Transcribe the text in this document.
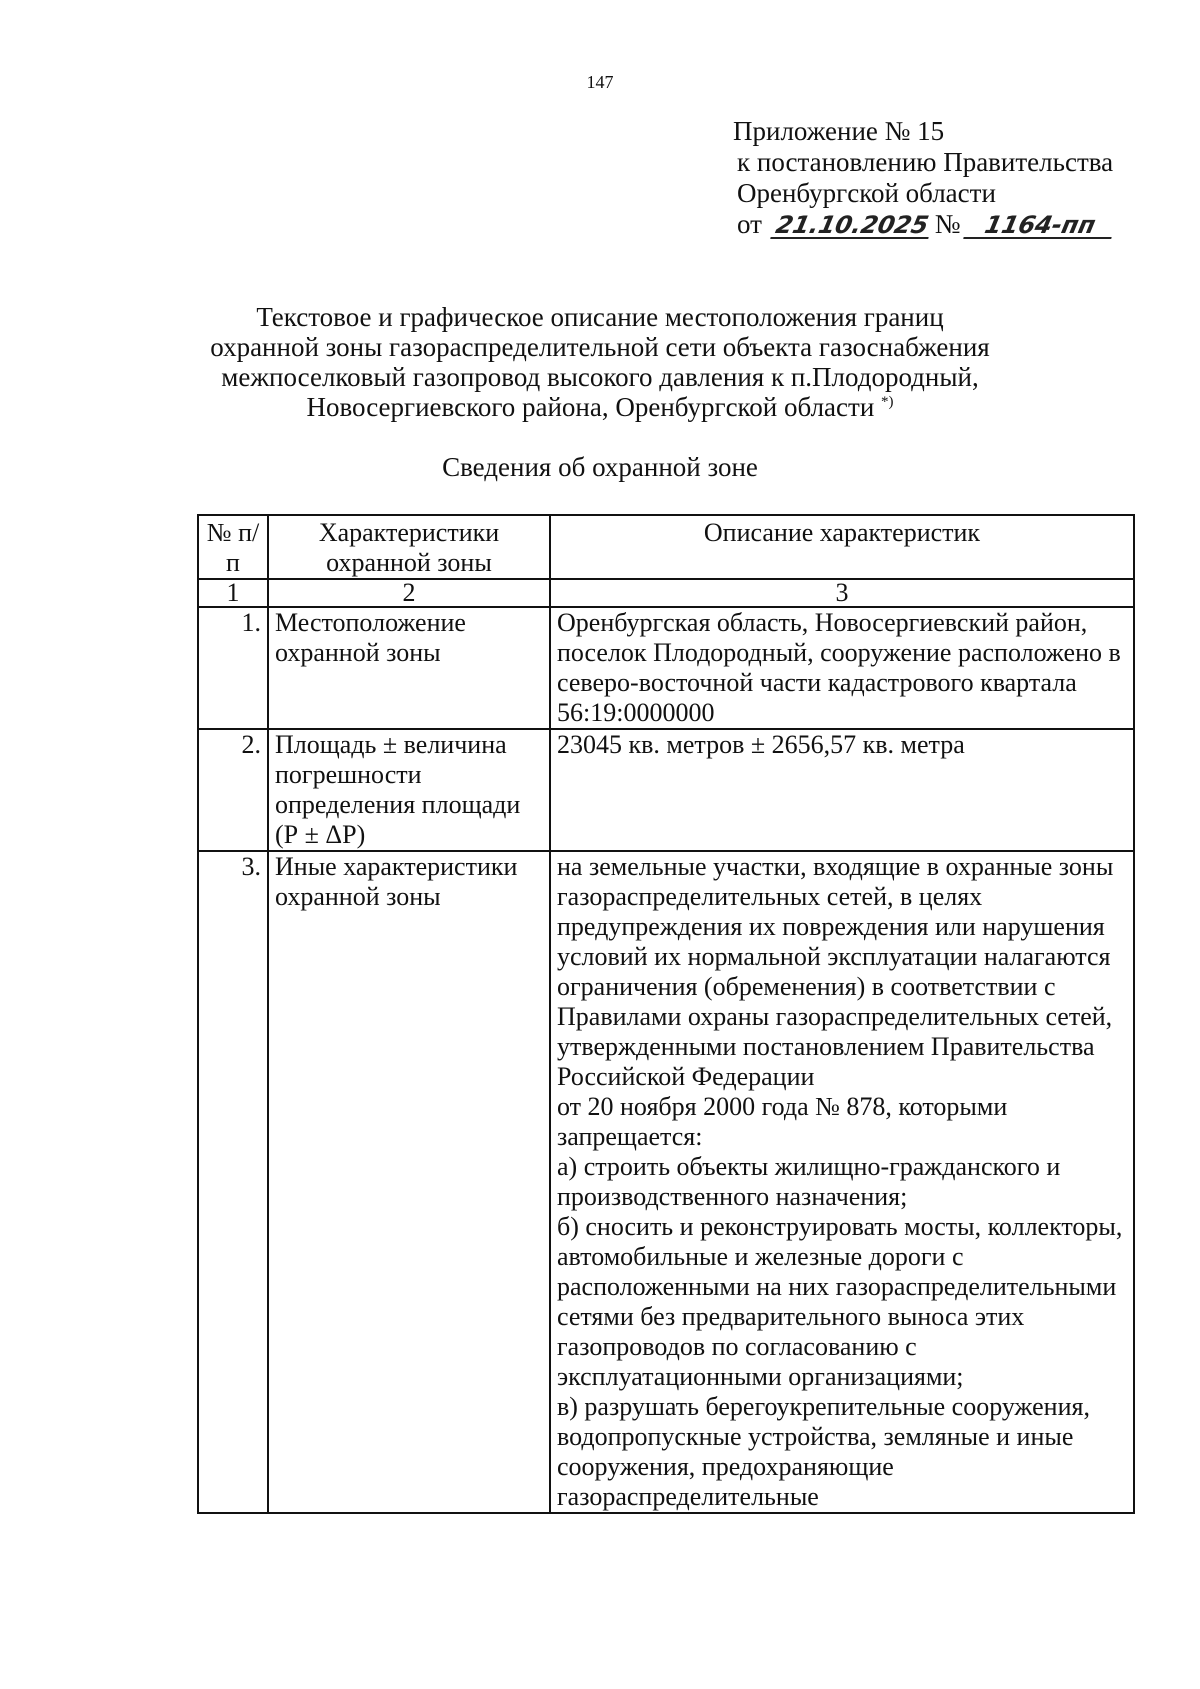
147
Приложение № 15
к постановлению Правительства
Оренбургской области
от 21.10.2025 № 1164-пп
Текстовое и графическое описание местоположения границ
охранной зоны газораспределительной сети объекта газоснабжения
межпоселковый газопровод высокого давления к п.Плодородный,
Новосергиевского района, Оренбургской области *)
Сведения об охранной зоне
№ п/п	Характеристики охранной зоны	Описание характеристик
1	2	3
1.	Местоположение охранной зоны	Оренбургская область, Новосергиевский район, поселок Плодородный, сооружение расположено в северо-восточной части кадастрового квартала 56:19:0000000
2.	Площадь ± величина погрешности определения площади (Р ± ΔР)	23045 кв. метров ± 2656,57 кв. метра
3.	Иные характеристики охранной зоны	на земельные участки, входящие в охранные зоны газораспределительных сетей, в целях предупреждения их повреждения или нарушения условий их нормальной эксплуатации налагаются ограничения (обременения) в соответствии с Правилами охраны газораспределительных сетей, утвержденными постановлением Правительства Российской Федерации
от 20 ноября 2000 года № 878, которыми запрещается:
а) строить объекты жилищно-гражданского и производственного назначения;
б) сносить и реконструировать мосты, коллекторы, автомобильные и железные дороги с расположенными на них газораспределительными сетями без предварительного выноса этих газопроводов по согласованию с эксплуатационными организациями;
в) разрушать берегоукрепительные сооружения, водопропускные устройства, земляные и иные сооружения, предохраняющие газораспределительные
